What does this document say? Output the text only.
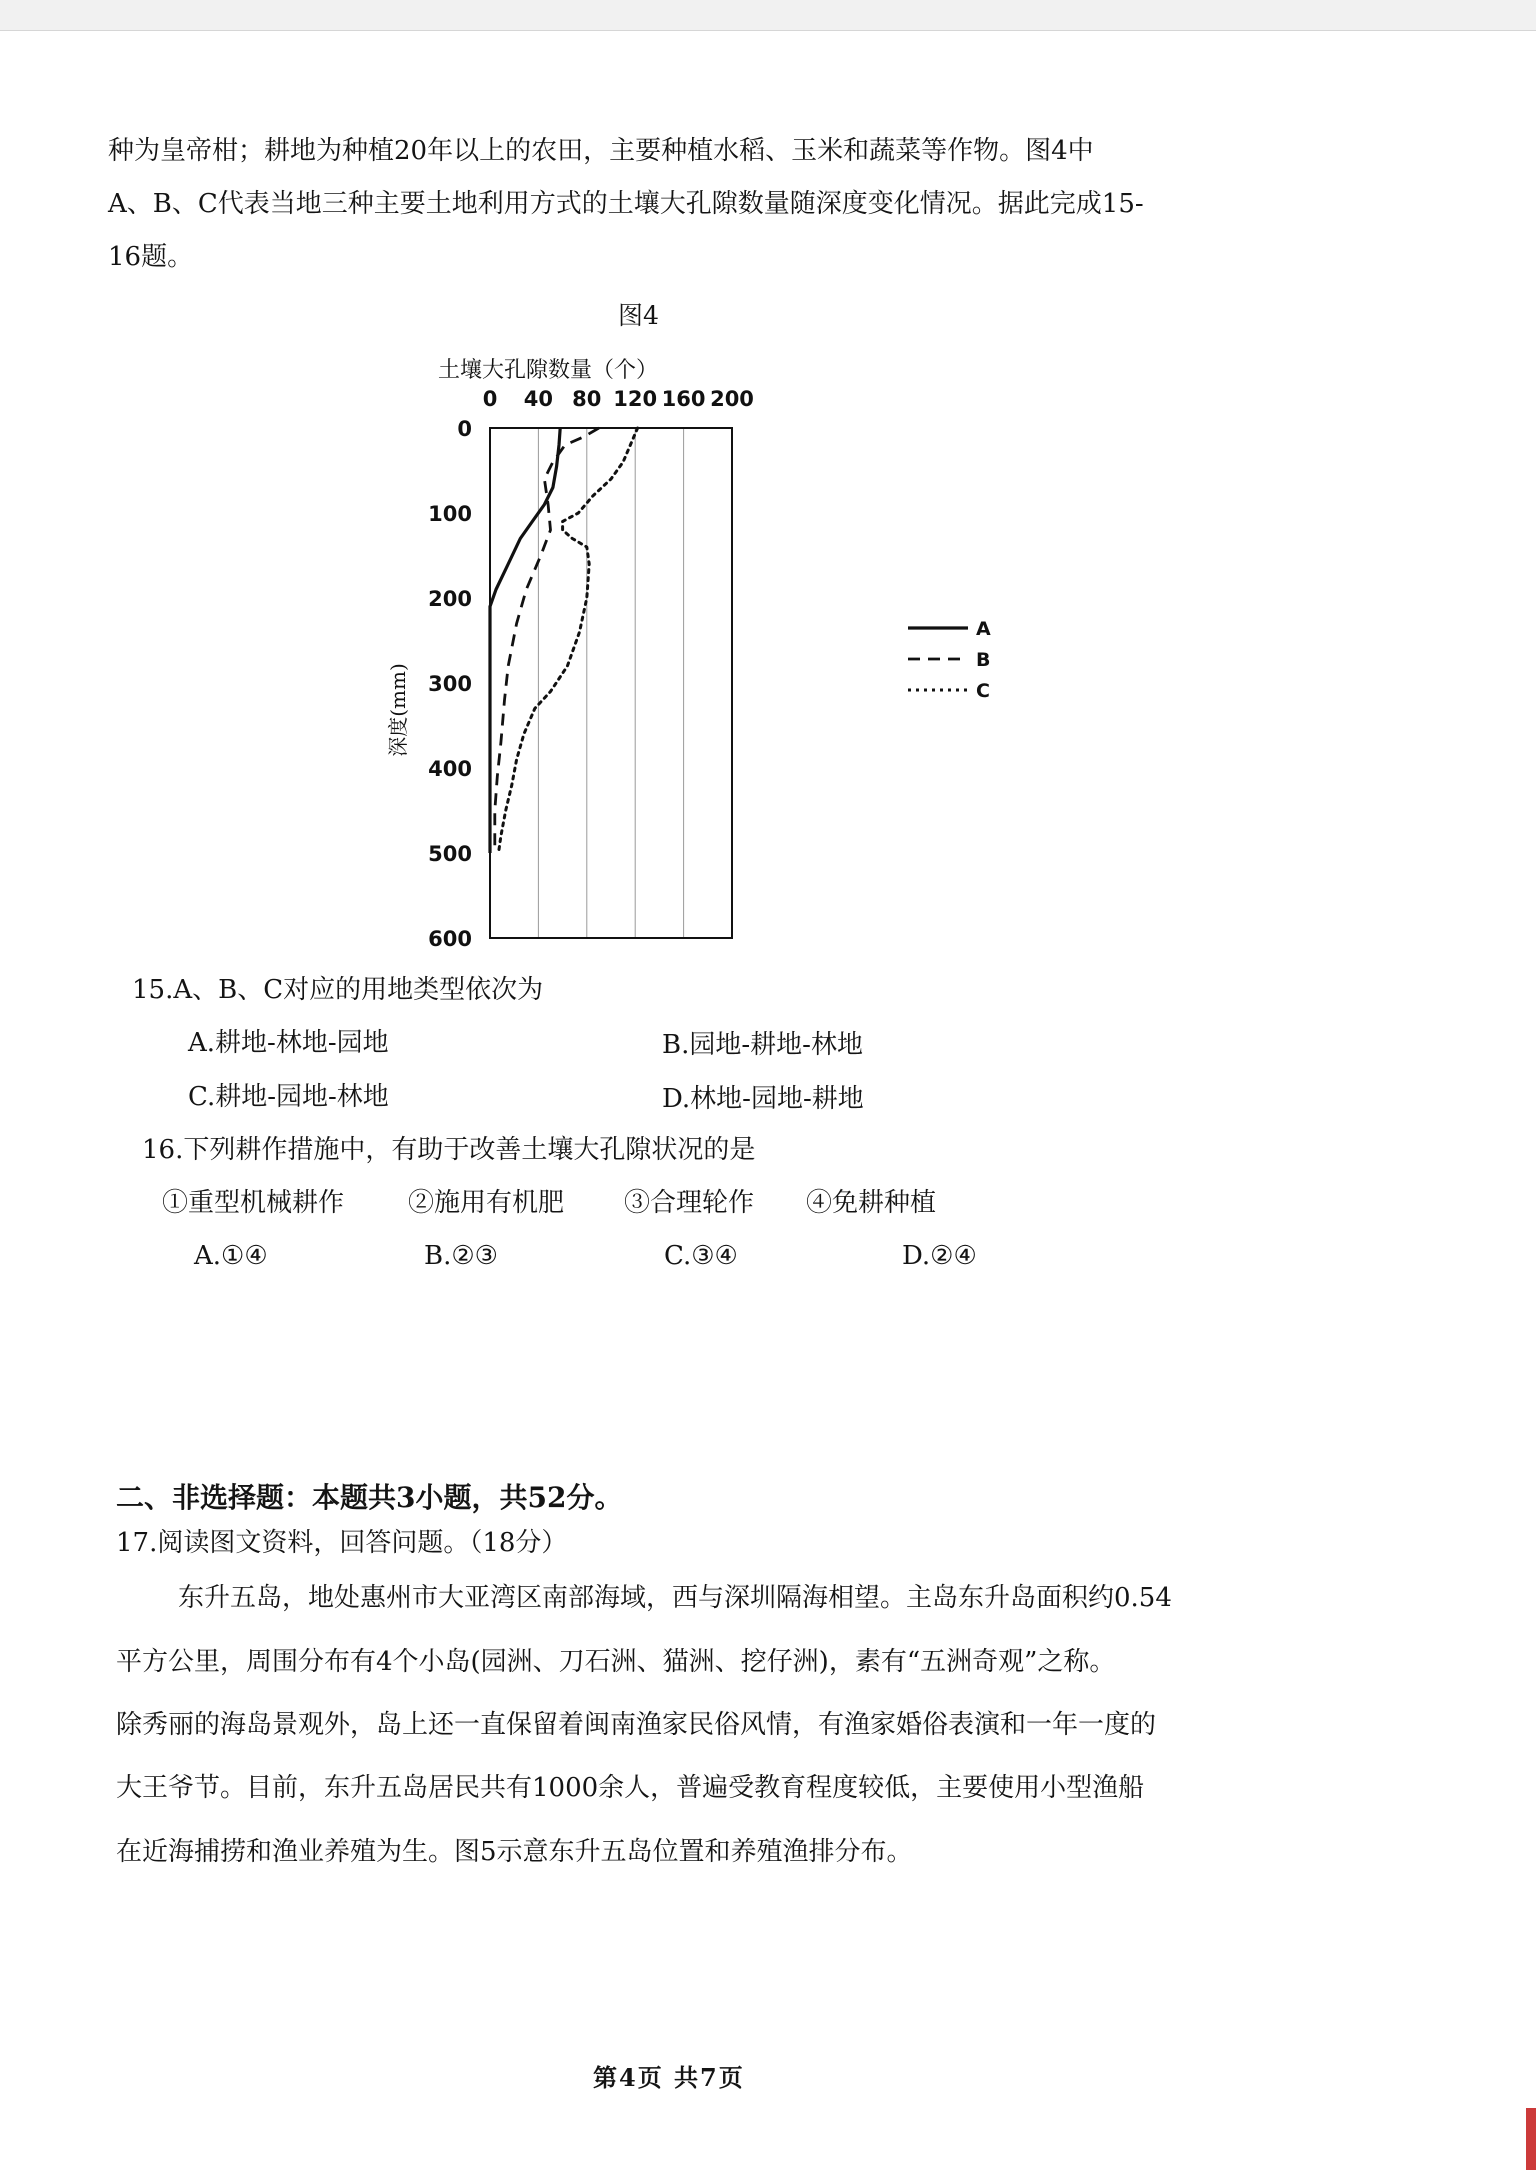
种为皇帝柑；耕地为种植20年以上的农田，主要种植水稻、玉米和蔬菜等作物。图4中
A、B、C代表当地三种主要土地利用方式的土壤大孔隙数量随深度变化情况。据此完成15-
16题。
图4
土壤大孔隙数量（个）
0 40 80 120 160 200
0
100
200
300
400
500
600
深度(mm)
A
B
C
15.A、B、C对应的用地类型依次为
A.耕地-林地-园地	B.园地-耕地-林地
C.耕地-园地-林地	D.林地-园地-耕地
16.下列耕作措施中，有助于改善土壤大孔隙状况的是
①重型机械耕作 ②施用有机肥 ③合理轮作 ④免耕种植
A.①④	B.②③	C.③④	D.②④
二、非选择题：本题共3小题，共52分。
17.阅读图文资料，回答问题。（18分）
东升五岛，地处惠州市大亚湾区南部海域，西与深圳隔海相望。主岛东升岛面积约0.54
平方公里，周围分布有4个小岛(园洲、刀石洲、猫洲、挖仔洲)，素有“五洲奇观”之称。
除秀丽的海岛景观外，岛上还一直保留着闽南渔家民俗风情，有渔家婚俗表演和一年一度的
大王爷节。目前，东升五岛居民共有1000余人，普遍受教育程度较低，主要使用小型渔船
在近海捕捞和渔业养殖为生。图5示意东升五岛位置和养殖渔排分布。
第4页 共7页
